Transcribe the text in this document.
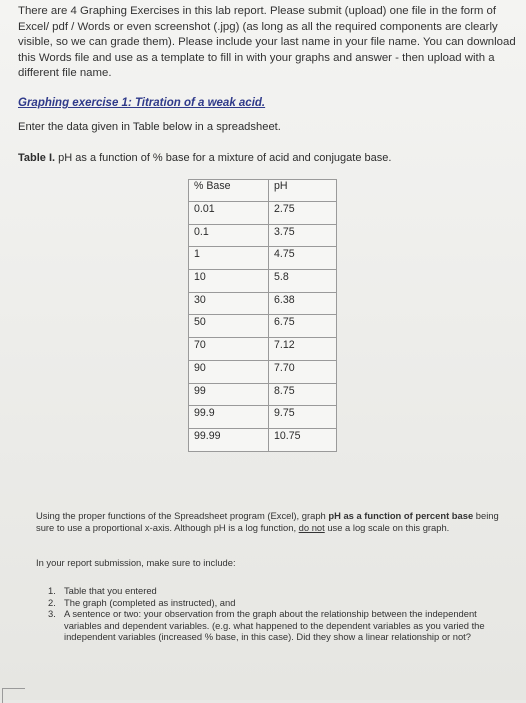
There are 4 Graphing Exercises in this lab report. Please submit (upload) one file in the form of Excel/ pdf / Words or even screenshot (.jpg) (as long as all the required components are clearly visible, so we can grade them). Please include your last name in your file name. You can download this Words file and use as a template to fill in with your graphs and answer - then upload with a different file name.

Graphing exercise 1: Titration of a weak acid.
Enter the data given in Table below in a spreadsheet.
Table I. pH as a function of % base for a mixture of acid and conjugate base.
% Base	pH

0.01	2.75

0.1	3.75

1	4.75

10	5.8

30	6.38

50	6.75

70	7.12

90	7.70

99	8.75

99.9	9.75

99.99	10.75

Using the proper functions of the Spreadsheet program (Excel), graph pH as a function of percent base being sure to use a proportional x-axis. Although pH is a log function, do not use a log scale on this graph.

In your report submission, make sure to include:
1. Table that you entered
2. The graph (completed as instructed), and
3. A sentence or two: your observation from the graph about the relationship between the independent variables and dependent variables. (e.g. what happened to the dependent variables as you varied the independent variables (increased % base, in this case). Did they show a linear relationship or not?
